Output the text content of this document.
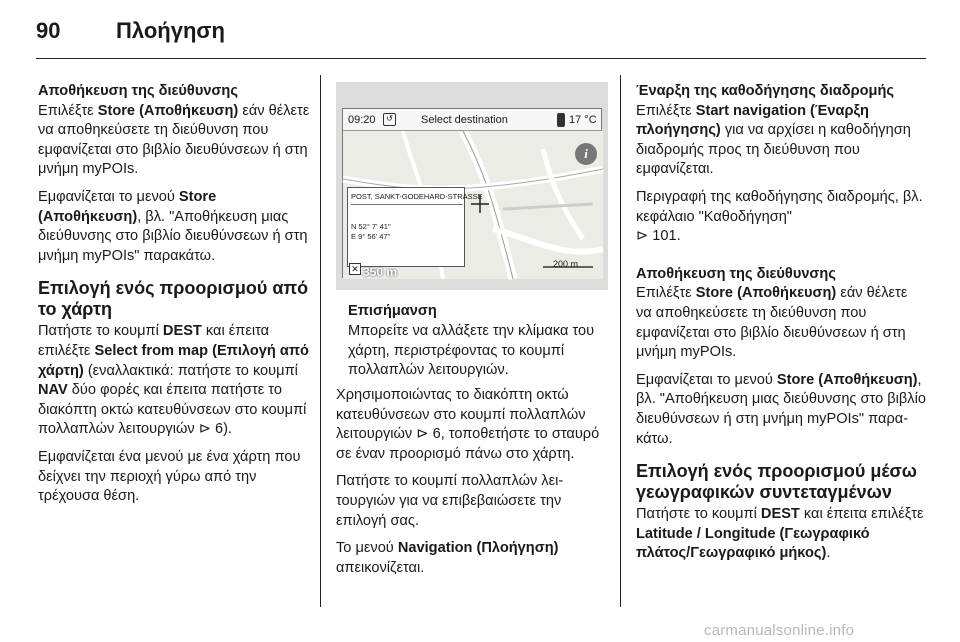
90	Πλοήγηση
Αποθήκευση της διεύθυνσης

Επιλέξτε Store (Αποθήκευση) εάν θέλετε να αποθηκεύσετε τη διεύθυνση που εμφανίζεται στο βιβλίο διευθύνσεων ή στη μνήμη myPOIs.

Εμφανίζεται το μενού Store (Αποθήκευση), βλ. "Αποθήκευση μιας διεύθυνσης στο βιβλίο διευθύνσεων ή στη μνήμη myPOIs" παρακάτω.

Επιλογή ενός προορισμού από το χάρτη

Πατήστε το κουμπί DEST και έπειτα επιλέξτε Select from map (Επιλογή από χάρτη) (εναλλακτικά: πατήστε το κουμπί NAV δύο φορές και έπειτα πατήστε το διακόπτη οκτώ κατευθύνσεων στο κουμπί πολλαπλών λειτουργιών ⊳ 6).

Εμφανίζεται ένα μενού με ένα χάρτη που δείχνει την περιοχή γύρω από την τρέχουσα θέση.

09:20	↺	Select destination	17 °C
i
POST, SANKT-GODEHARD-STRASSE
N 52° 7' 41"
E 9° 56' 47"
✕ 350 m
200 m
Επισήμανση
Μπορείτε να αλλάξετε την κλίμακα του χάρτη, περιστρέφοντας το κουμπί πολλαπλών λειτουργιών.

Χρησιμοποιώντας το διακόπτη οκτώ κατευθύνσεων στο κουμπί πολλαπλών λειτουργιών ⊳ 6, τοποθετήστε το σταυρό σε έναν προορισμό πάνω στο χάρτη.

Πατήστε το κουμπί πολλαπλών λειτουργιών για να επιβεβαιώσετε την επιλογή σας.

Το μενού Navigation (Πλοήγηση) απεικονίζεται.

Έναρξη της καθοδήγησης διαδρομής

Επιλέξτε Start navigation (Έναρξη πλοήγησης) για να αρχίσει η καθοδήγηση διαδρομής προς τη διεύθυνση που εμφανίζεται.

Περιγραφή της καθοδήγησης διαδρομής, βλ. κεφάλαιο "Καθοδήγηση"
⊳ 101.

Αποθήκευση της διεύθυνσης

Επιλέξτε Store (Αποθήκευση) εάν θέλετε να αποθηκεύσετε τη διεύθυνση που εμφανίζεται στο βιβλίο διευθύνσεων ή στη μνήμη myPOIs.

Εμφανίζεται το μενού Store (Αποθήκευση), βλ. "Αποθήκευση μιας διεύθυνσης στο βιβλίο διευθύνσεων ή στη μνήμη myPOIs" παρακάτω.

Επιλογή ενός προορισμού μέσω γεωγραφικών συντεταγμένων

Πατήστε το κουμπί DEST και έπειτα επιλέξτε Latitude / Longitude (Γεωγραφικό πλάτος/Γεωγραφικό μήκος).

carmanualsonline.info
